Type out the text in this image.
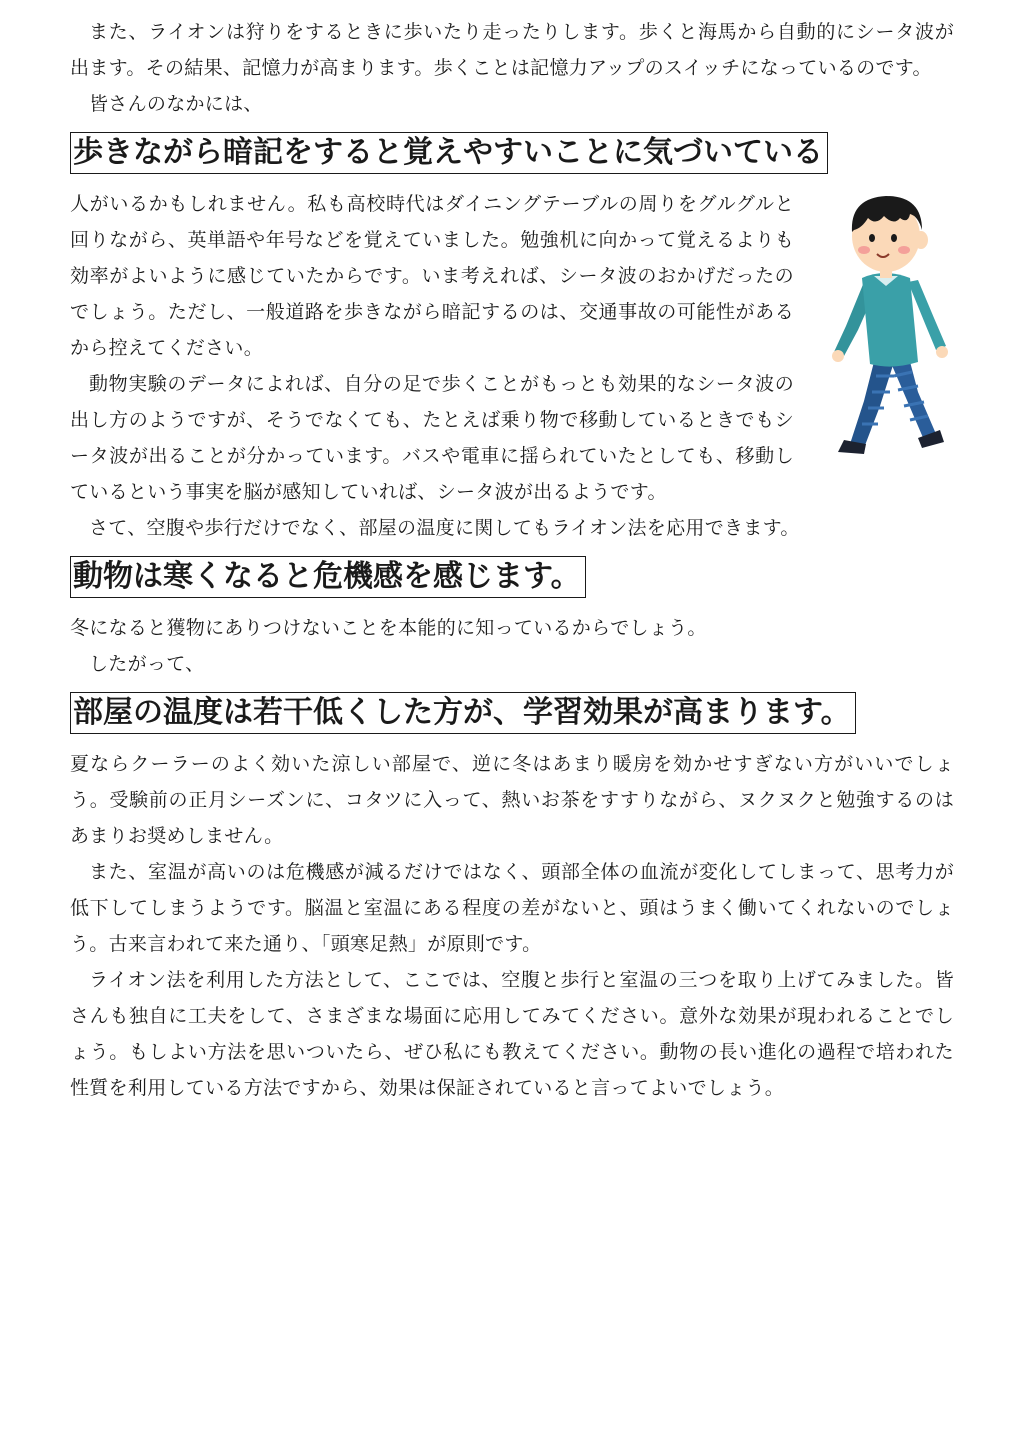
また、ライオンは狩りをするときに歩いたり走ったりします。歩くと海馬から自動的にシータ波が出ます。その結果、記憶力が高まります。歩くことは記憶力アップのスイッチになっているのです。

皆さんのなかには、

歩きながら暗記をすると覚えやすいことに気づいている

人がいるかもしれません。私も高校時代はダイニングテーブルの周りをグルグルと回りながら、英単語や年号などを覚えていました。勉強机に向かって覚えるよりも効率がよいように感じていたからです。いま考えれば、シータ波のおかげだったのでしょう。ただし、一般道路を歩きながら暗記するのは、交通事故の可能性があるから控えてください。

動物実験のデータによれば、自分の足で歩くことがもっとも効果的なシータ波の出し方のようですが、そうでなくても、たとえば乗り物で移動しているときでもシータ波が出ることが分かっています。バスや電車に揺られていたとしても、移動しているという事実を脳が感知していれば、シータ波が出るようです。

さて、空腹や歩行だけでなく、部屋の温度に関してもライオン法を応用できます。

動物は寒くなると危機感を感じます。

冬になると獲物にありつけないことを本能的に知っているからでしょう。

したがって、

部屋の温度は若干低くした方が、学習効果が高まります。

夏ならクーラーのよく効いた涼しい部屋で、逆に冬はあまり暖房を効かせすぎない方がいいでしょう。受験前の正月シーズンに、コタツに入って、熱いお茶をすすりながら、ヌクヌクと勉強するのはあまりお奨めしません。

また、室温が高いのは危機感が減るだけではなく、頭部全体の血流が変化してしまって、思考力が低下してしまうようです。脳温と室温にある程度の差がないと、頭はうまく働いてくれないのでしょう。古来言われて来た通り、「頭寒足熱」が原則です。

ライオン法を利用した方法として、ここでは、空腹と歩行と室温の三つを取り上げてみました。皆さんも独自に工夫をして、さまざまな場面に応用してみてください。意外な効果が現われることでしょう。もしよい方法を思いついたら、ぜひ私にも教えてください。動物の長い進化の過程で培われた性質を利用している方法ですから、効果は保証されていると言ってよいでしょう。
